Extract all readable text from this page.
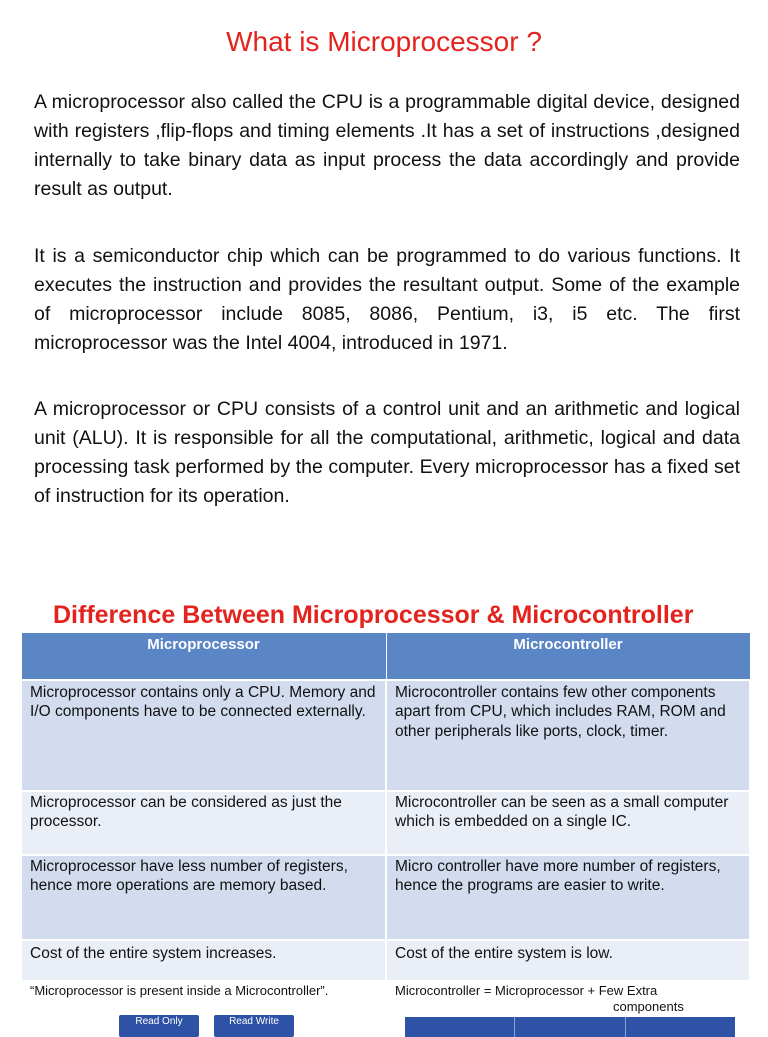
What is Microprocessor ?

A microprocessor also called the CPU is a programmable digital device, designed with registers ,flip-flops and timing elements .It has a set of instructions ,designed internally to take binary data as input process the data accordingly and provide result as output.

It is a semiconductor chip which can be programmed to do various functions. It executes the instruction and provides the resultant output. Some of the example of microprocessor include 8085, 8086, Pentium, i3, i5 etc. The first microprocessor was the Intel 4004, introduced in 1971.

A microprocessor or CPU consists of a control unit and an arithmetic and logical unit (ALU). It is responsible for all the computational, arithmetic, logical and data processing task performed by the computer. Every microprocessor has a fixed set of instruction for its operation.

Difference Between Microprocessor & Microcontroller
Microprocessor	Microcontroller
Microprocessor contains only a CPU. Memory and I/O components have to be connected externally.	Microcontroller contains few other components apart from CPU, which includes RAM, ROM and other peripherals like ports, clock, timer.
Microprocessor can be considered as just the processor.	Microcontroller can be seen as a small computer which is embedded on a single IC.
Microprocessor have less number of registers, hence more operations are memory based.	Micro controller have more number of registers, hence the programs are easier to write.
Cost of the entire system increases.	Cost of the entire system is low.
“Microprocessor is present inside a Microcontroller”.	Microcontroller = Microprocessor + Few Extra
components
Read Only	Read Write
